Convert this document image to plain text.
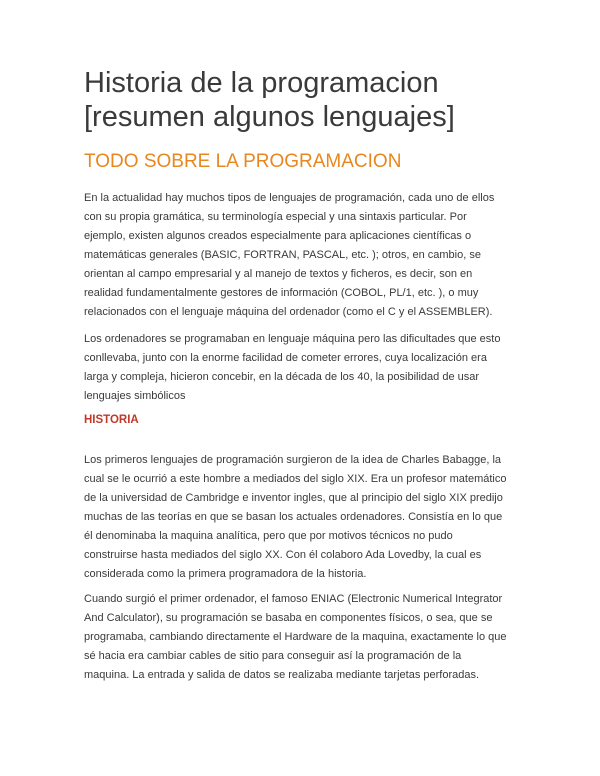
Historia de la programacion [resumen algunos lenguajes]
TODO SOBRE LA PROGRAMACION

En la actualidad hay muchos tipos de lenguajes de programación, cada uno de ellos
con su propia gramática, su terminología especial y una sintaxis particular. Por
ejemplo, existen algunos creados especialmente para aplicaciones científicas o
matemáticas generales (BASIC, FORTRAN, PASCAL, etc. ); otros, en cambio, se
orientan al campo empresarial y al manejo de textos y ficheros, es decir, son en
realidad fundamentalmente gestores de información (COBOL, PL/1, etc. ), o muy
relacionados con el lenguaje máquina del ordenador (como el C y el ASSEMBLER).

Los ordenadores se programaban en lenguaje máquina pero las dificultades que esto
conllevaba, junto con la enorme facilidad de cometer errores, cuya localización era
larga y compleja, hicieron concebir, en la década de los 40, la posibilidad de usar
lenguajes simbólicos

HISTORIA

Los primeros lenguajes de programación surgieron de la idea de Charles Babagge, la
cual se le ocurrió a este hombre a mediados del siglo XIX. Era un profesor matemático
de la universidad de Cambridge e inventor ingles, que al principio del siglo XIX predijo
muchas de las teorías en que se basan los actuales ordenadores. Consistía en lo que
él denominaba la maquina analítica, pero que por motivos técnicos no pudo
construirse hasta mediados del siglo XX. Con él colaboro Ada Lovedby, la cual es
considerada como la primera programadora de la historia.

Cuando surgió el primer ordenador, el famoso ENIAC (Electronic Numerical Integrator
And Calculator), su programación se basaba en componentes físicos, o sea, que se
programaba, cambiando directamente el Hardware de la maquina, exactamente lo que
sé hacia era cambiar cables de sitio para conseguir así la programación de la
maquina. La entrada y salida de datos se realizaba mediante tarjetas perforadas.
